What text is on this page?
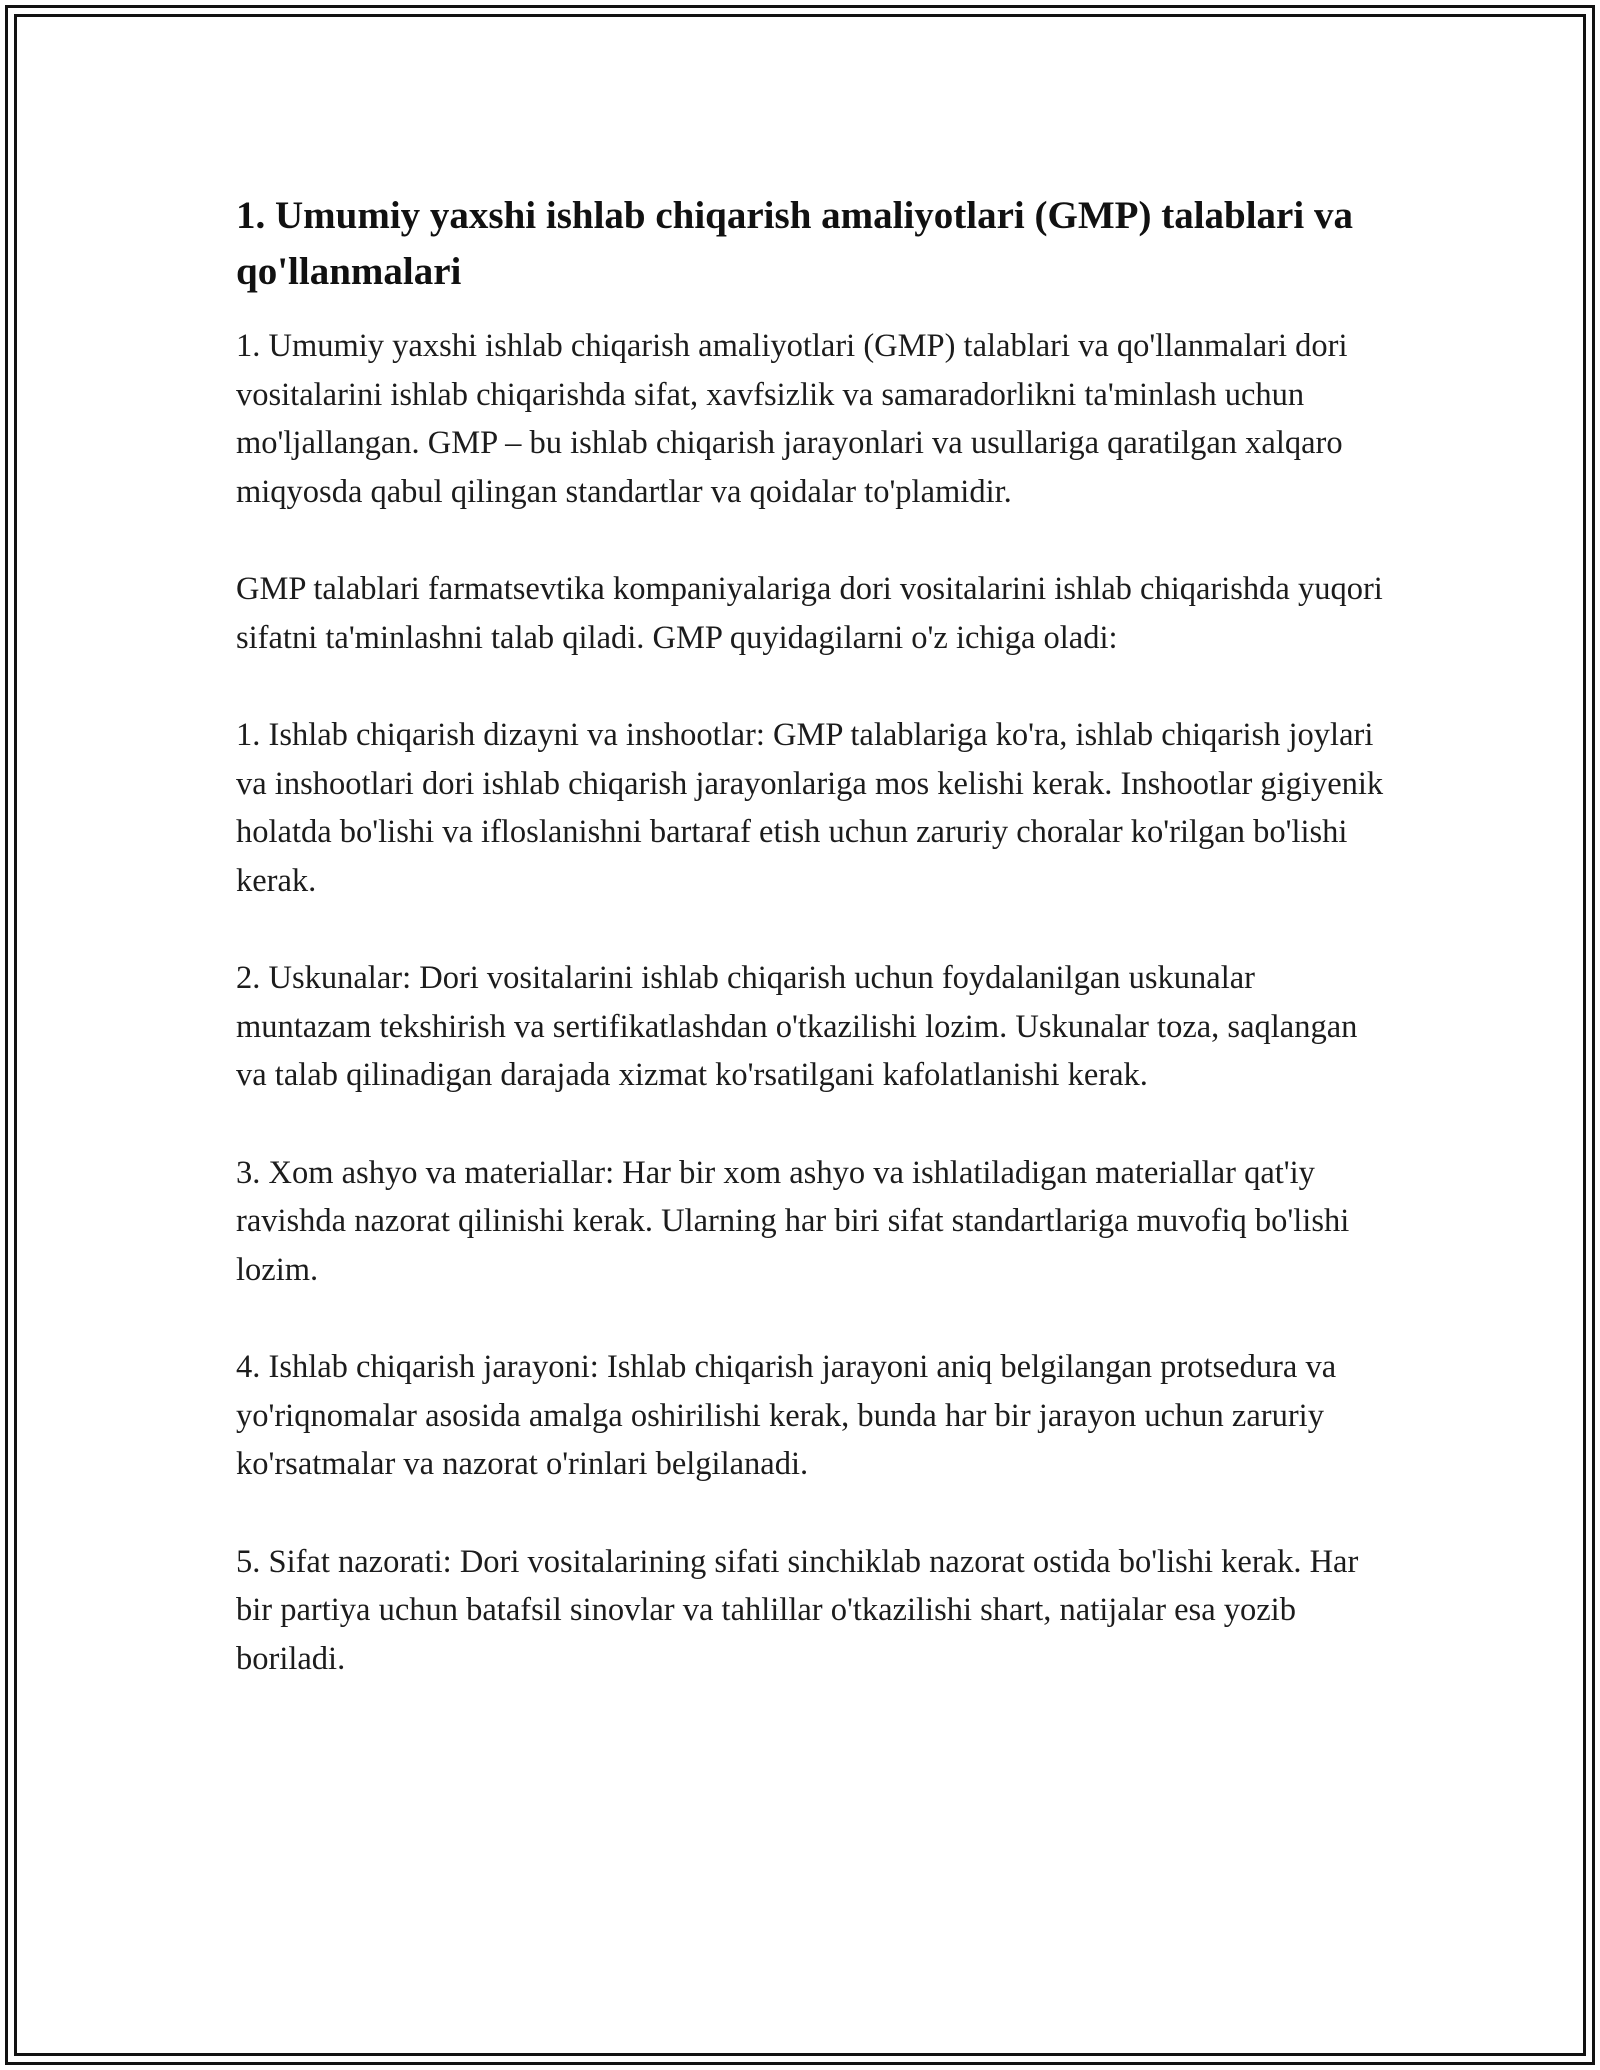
1. Umumiy yaxshi ishlab chiqarish amaliyotlari (GMP) talablari va qo'llanmalari

1. Umumiy yaxshi ishlab chiqarish amaliyotlari (GMP) talablari va qo'llanmalari dori vositalarini ishlab chiqarishda sifat, xavfsizlik va samaradorlikni ta'minlash uchun mo'ljallangan. GMP – bu ishlab chiqarish jarayonlari va usullariga qaratilgan xalqaro miqyosda qabul qilingan standartlar va qoidalar to'plamidir.

GMP talablari farmatsevtika kompaniyalariga dori vositalarini ishlab chiqarishda yuqori sifatni ta'minlashni talab qiladi. GMP quyidagilarni o'z ichiga oladi:

1. Ishlab chiqarish dizayni va inshootlar: GMP talablariga ko'ra, ishlab chiqarish joylari va inshootlari dori ishlab chiqarish jarayonlariga mos kelishi kerak. Inshootlar gigiyenik holatda bo'lishi va ifloslanishni bartaraf etish uchun zaruriy choralar ko'rilgan bo'lishi kerak.

2. Uskunalar: Dori vositalarini ishlab chiqarish uchun foydalanilgan uskunalar muntazam tekshirish va sertifikatlashdan o'tkazilishi lozim. Uskunalar toza, saqlangan va talab qilinadigan darajada xizmat ko'rsatilgani kafolatlanishi kerak.

3. Xom ashyo va materiallar: Har bir xom ashyo va ishlatiladigan materiallar qat'iy ravishda nazorat qilinishi kerak. Ularning har biri sifat standartlariga muvofiq bo'lishi lozim.

4. Ishlab chiqarish jarayoni: Ishlab chiqarish jarayoni aniq belgilangan protsedura va yo'riqnomalar asosida amalga oshirilishi kerak, bunda har bir jarayon uchun zaruriy ko'rsatmalar va nazorat o'rinlari belgilanadi.

5. Sifat nazorati: Dori vositalarining sifati sinchiklab nazorat ostida bo'lishi kerak. Har bir partiya uchun batafsil sinovlar va tahlillar o'tkazilishi shart, natijalar esa yozib boriladi.
